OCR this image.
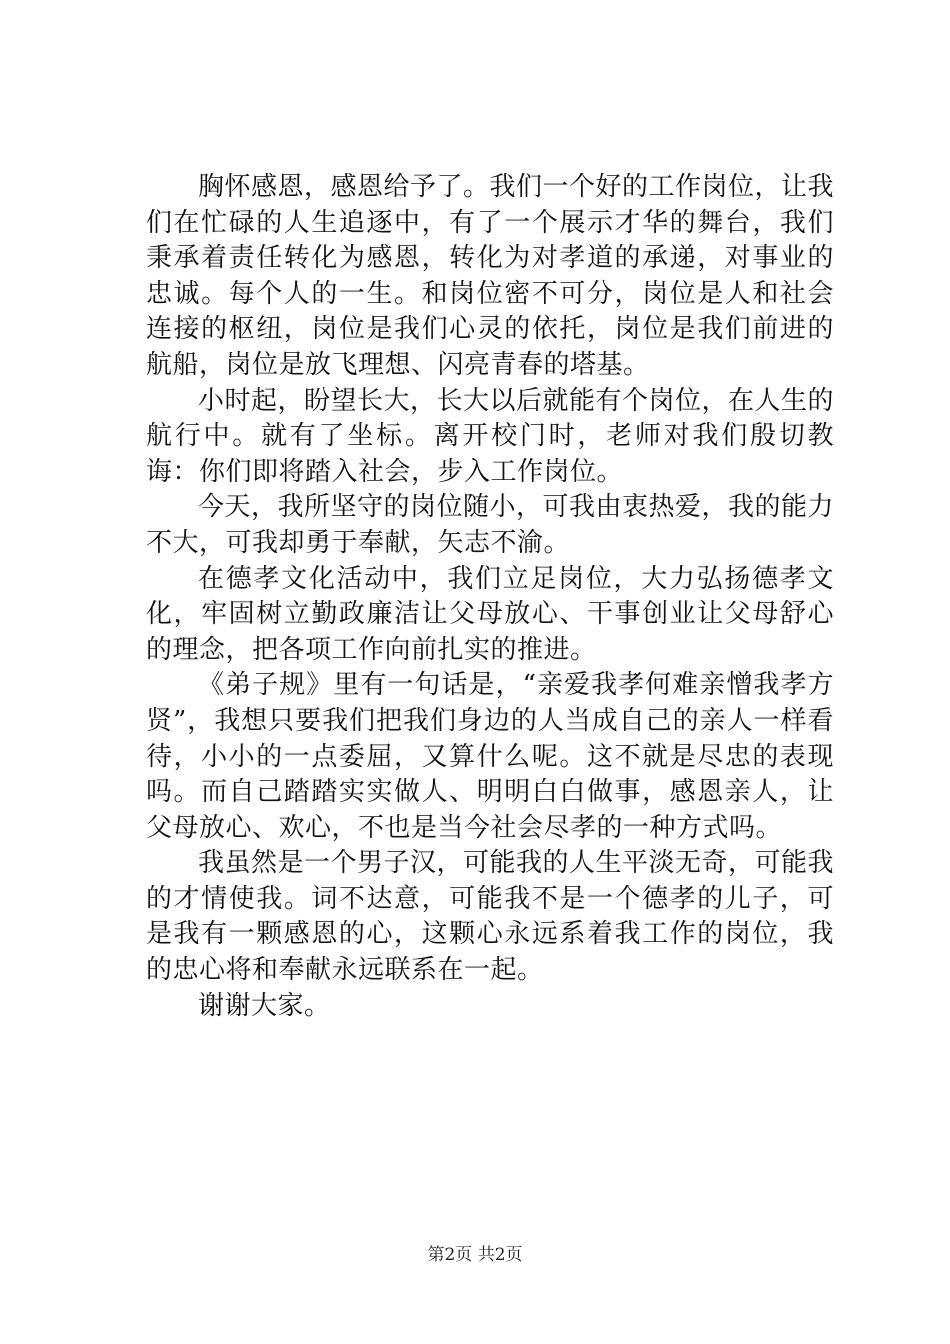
胸怀感恩，感恩给予了。我们一个好的工作岗位，让我们在忙碌的人生追逐中，有了一个展示才华的舞台，我们秉承着责任转化为感恩，转化为对孝道的承递，对事业的忠诚。每个人的一生。和岗位密不可分，岗位是人和社会连接的枢纽，岗位是我们心灵的依托，岗位是我们前进的航船，岗位是放飞理想、闪亮青春的塔基。

小时起，盼望长大，长大以后就能有个岗位，在人生的航行中。就有了坐标。离开校门时，老师对我们殷切教诲：你们即将踏入社会，步入工作岗位。

今天，我所坚守的岗位随小，可我由衷热爱，我的能力不大，可我却勇于奉献，矢志不渝。

在德孝文化活动中，我们立足岗位，大力弘扬德孝文化，牢固树立勤政廉洁让父母放心、干事创业让父母舒心的理念，把各项工作向前扎实的推进。

《弟子规》里有一句话是，“亲爱我孝何难亲憎我孝方贤”，我想只要我们把我们身边的人当成自己的亲人一样看待，小小的一点委屈，又算什么呢。这不就是尽忠的表现吗。而自己踏踏实实做人、明明白白做事，感恩亲人，让父母放心、欢心，不也是当今社会尽孝的一种方式吗。

我虽然是一个男子汉，可能我的人生平淡无奇，可能我的才情使我。词不达意，可能我不是一个德孝的儿子，可是我有一颗感恩的心，这颗心永远系着我工作的岗位，我的忠心将和奉献永远联系在一起。

谢谢大家。

第2页 共2页
